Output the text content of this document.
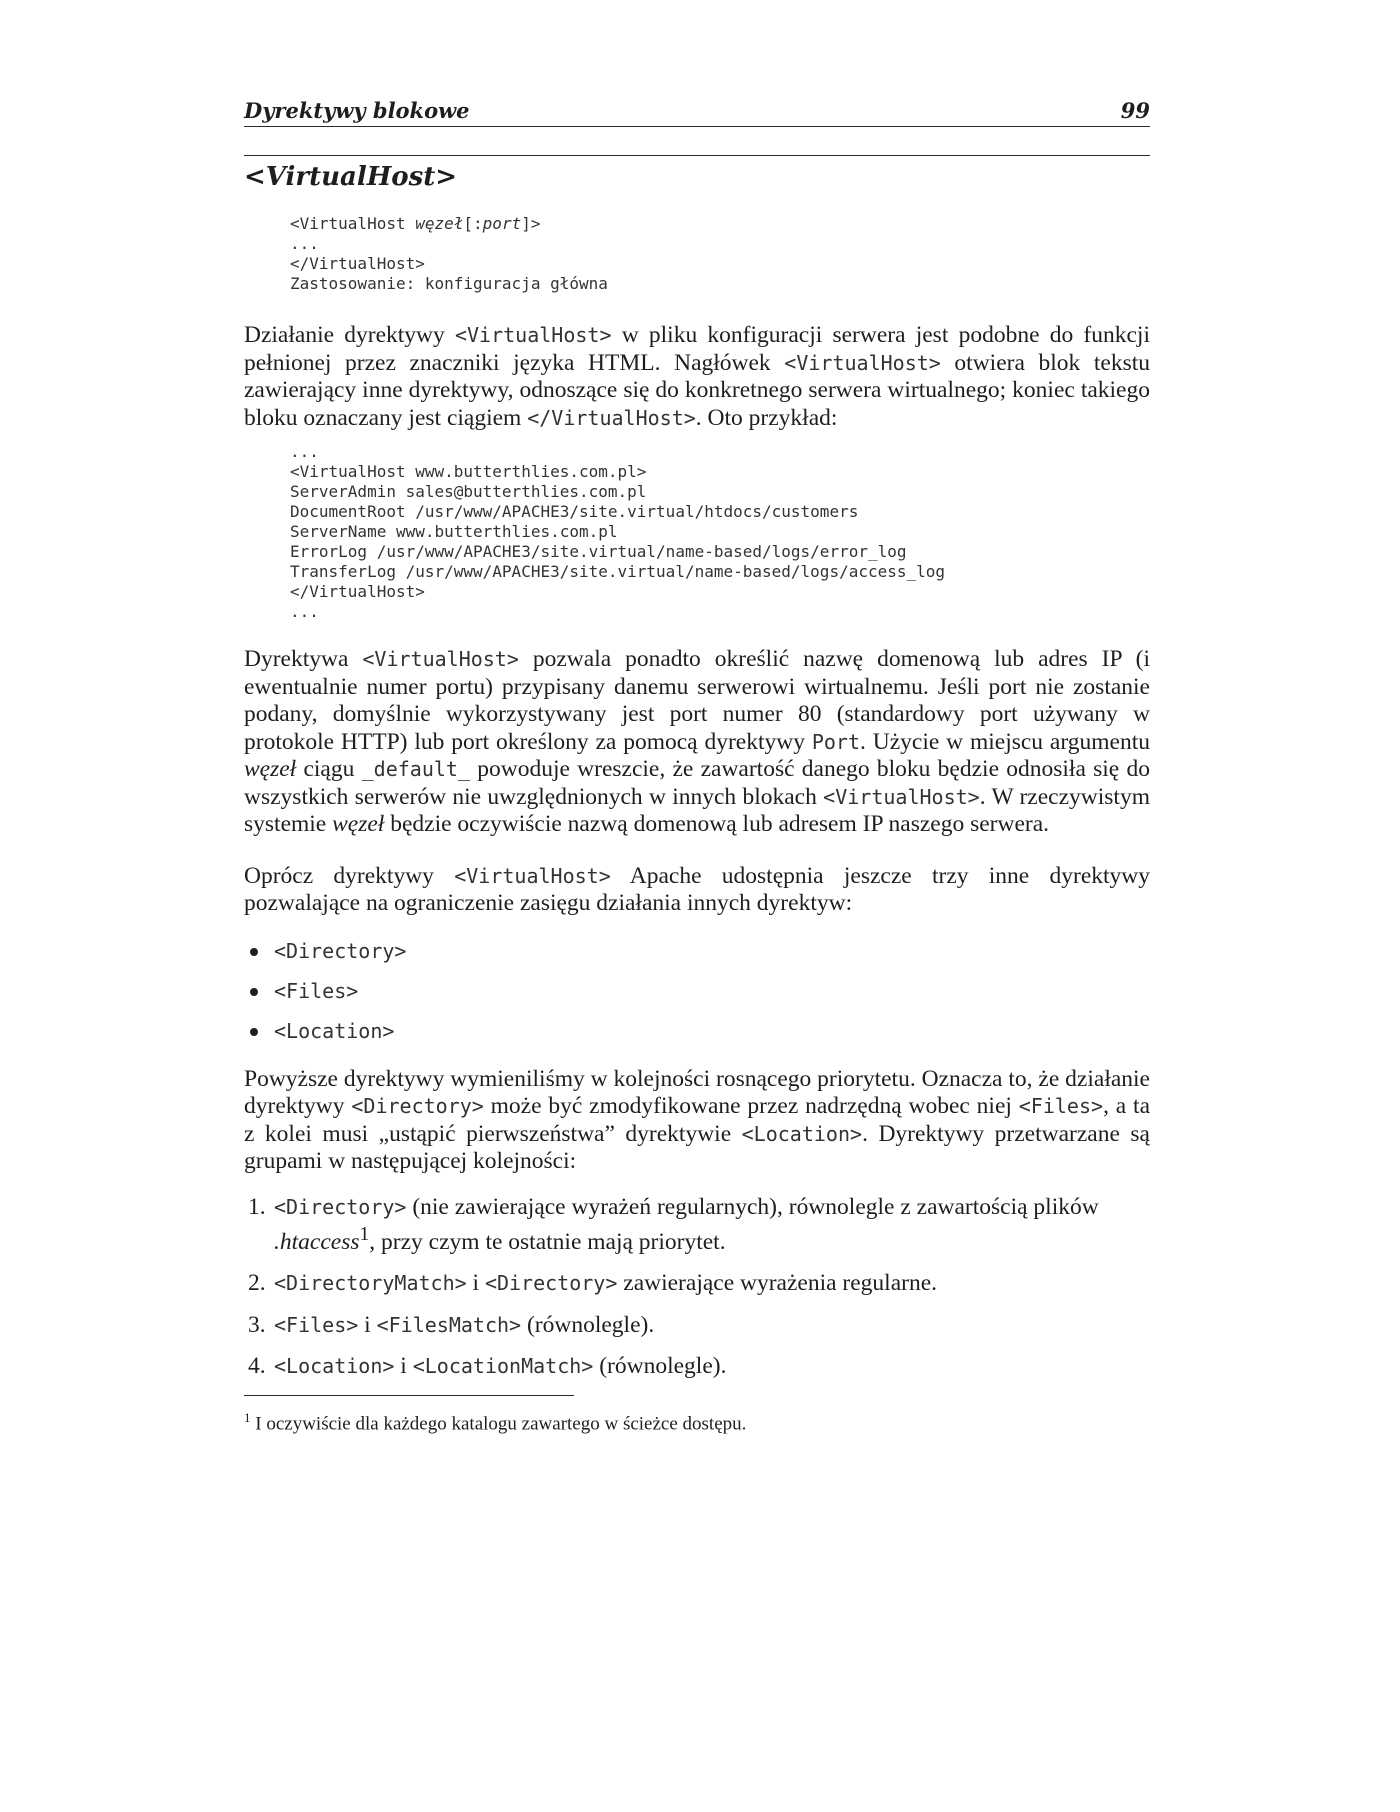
Dyrektywy blokowe	99
<VirtualHost>
<VirtualHost węzeł[:port]>
...
</VirtualHost>
Zastosowanie: konfiguracja główna

Działanie dyrektywy <VirtualHost> w pliku konfiguracji serwera jest podobne do funkcji pełnionej przez znaczniki języka HTML. Nagłówek <VirtualHost> otwiera blok tekstu zawierający inne dyrektywy, odnoszące się do konkretnego serwera wirtualnego; koniec takiego bloku oznaczany jest ciągiem </VirtualHost>. Oto przykład:

...
<VirtualHost www.butterthlies.com.pl>
ServerAdmin sales@butterthlies.com.pl
DocumentRoot /usr/www/APACHE3/site.virtual/htdocs/customers
ServerName www.butterthlies.com.pl
ErrorLog /usr/www/APACHE3/site.virtual/name-based/logs/error_log
TransferLog /usr/www/APACHE3/site.virtual/name-based/logs/access_log
</VirtualHost>
...

Dyrektywa <VirtualHost> pozwala ponadto określić nazwę domenową lub adres IP (i ewentualnie numer portu) przypisany danemu serwerowi wirtualnemu. Jeśli port nie zostanie podany, domyślnie wykorzystywany jest port numer 80 (standardowy port używany w protokole HTTP) lub port określony za pomocą dyrektywy Port. Użycie w miejscu argumentu węzeł ciągu _default_ powoduje wreszcie, że zawartość danego bloku będzie odnosiła się do wszystkich serwerów nie uwzględnionych w innych blokach <VirtualHost>. W rzeczywistym systemie węzeł będzie oczywiście nazwą domenową lub adresem IP naszego serwera.

Oprócz dyrektywy <VirtualHost> Apache udostępnia jeszcze trzy inne dyrektywy pozwalające na ograniczenie zasięgu działania innych dyrektyw:

<Directory>
<Files>
<Location>

Powyższe dyrektywy wymieniliśmy w kolejności rosnącego priorytetu. Oznacza to, że działanie dyrektywy <Directory> może być zmodyfikowane przez nadrzędną wobec niej <Files>, a ta z kolei musi „ustąpić pierwszeństwa” dyrektywie <Location>. Dyrektywy przetwarzane są grupami w następującej kolejności:

1. <Directory> (nie zawierające wyrażeń regularnych), równolegle z zawartością plików .htaccess$^1$, przy czym te ostatnie mają priorytet.
2. <DirectoryMatch> i <Directory> zawierające wyrażenia regularne.
3. <Files> i <FilesMatch> (równolegle).
4. <Location> i <LocationMatch> (równolegle).
$^1$ I oczywiście dla każdego katalogu zawartego w ścieżce dostępu.
